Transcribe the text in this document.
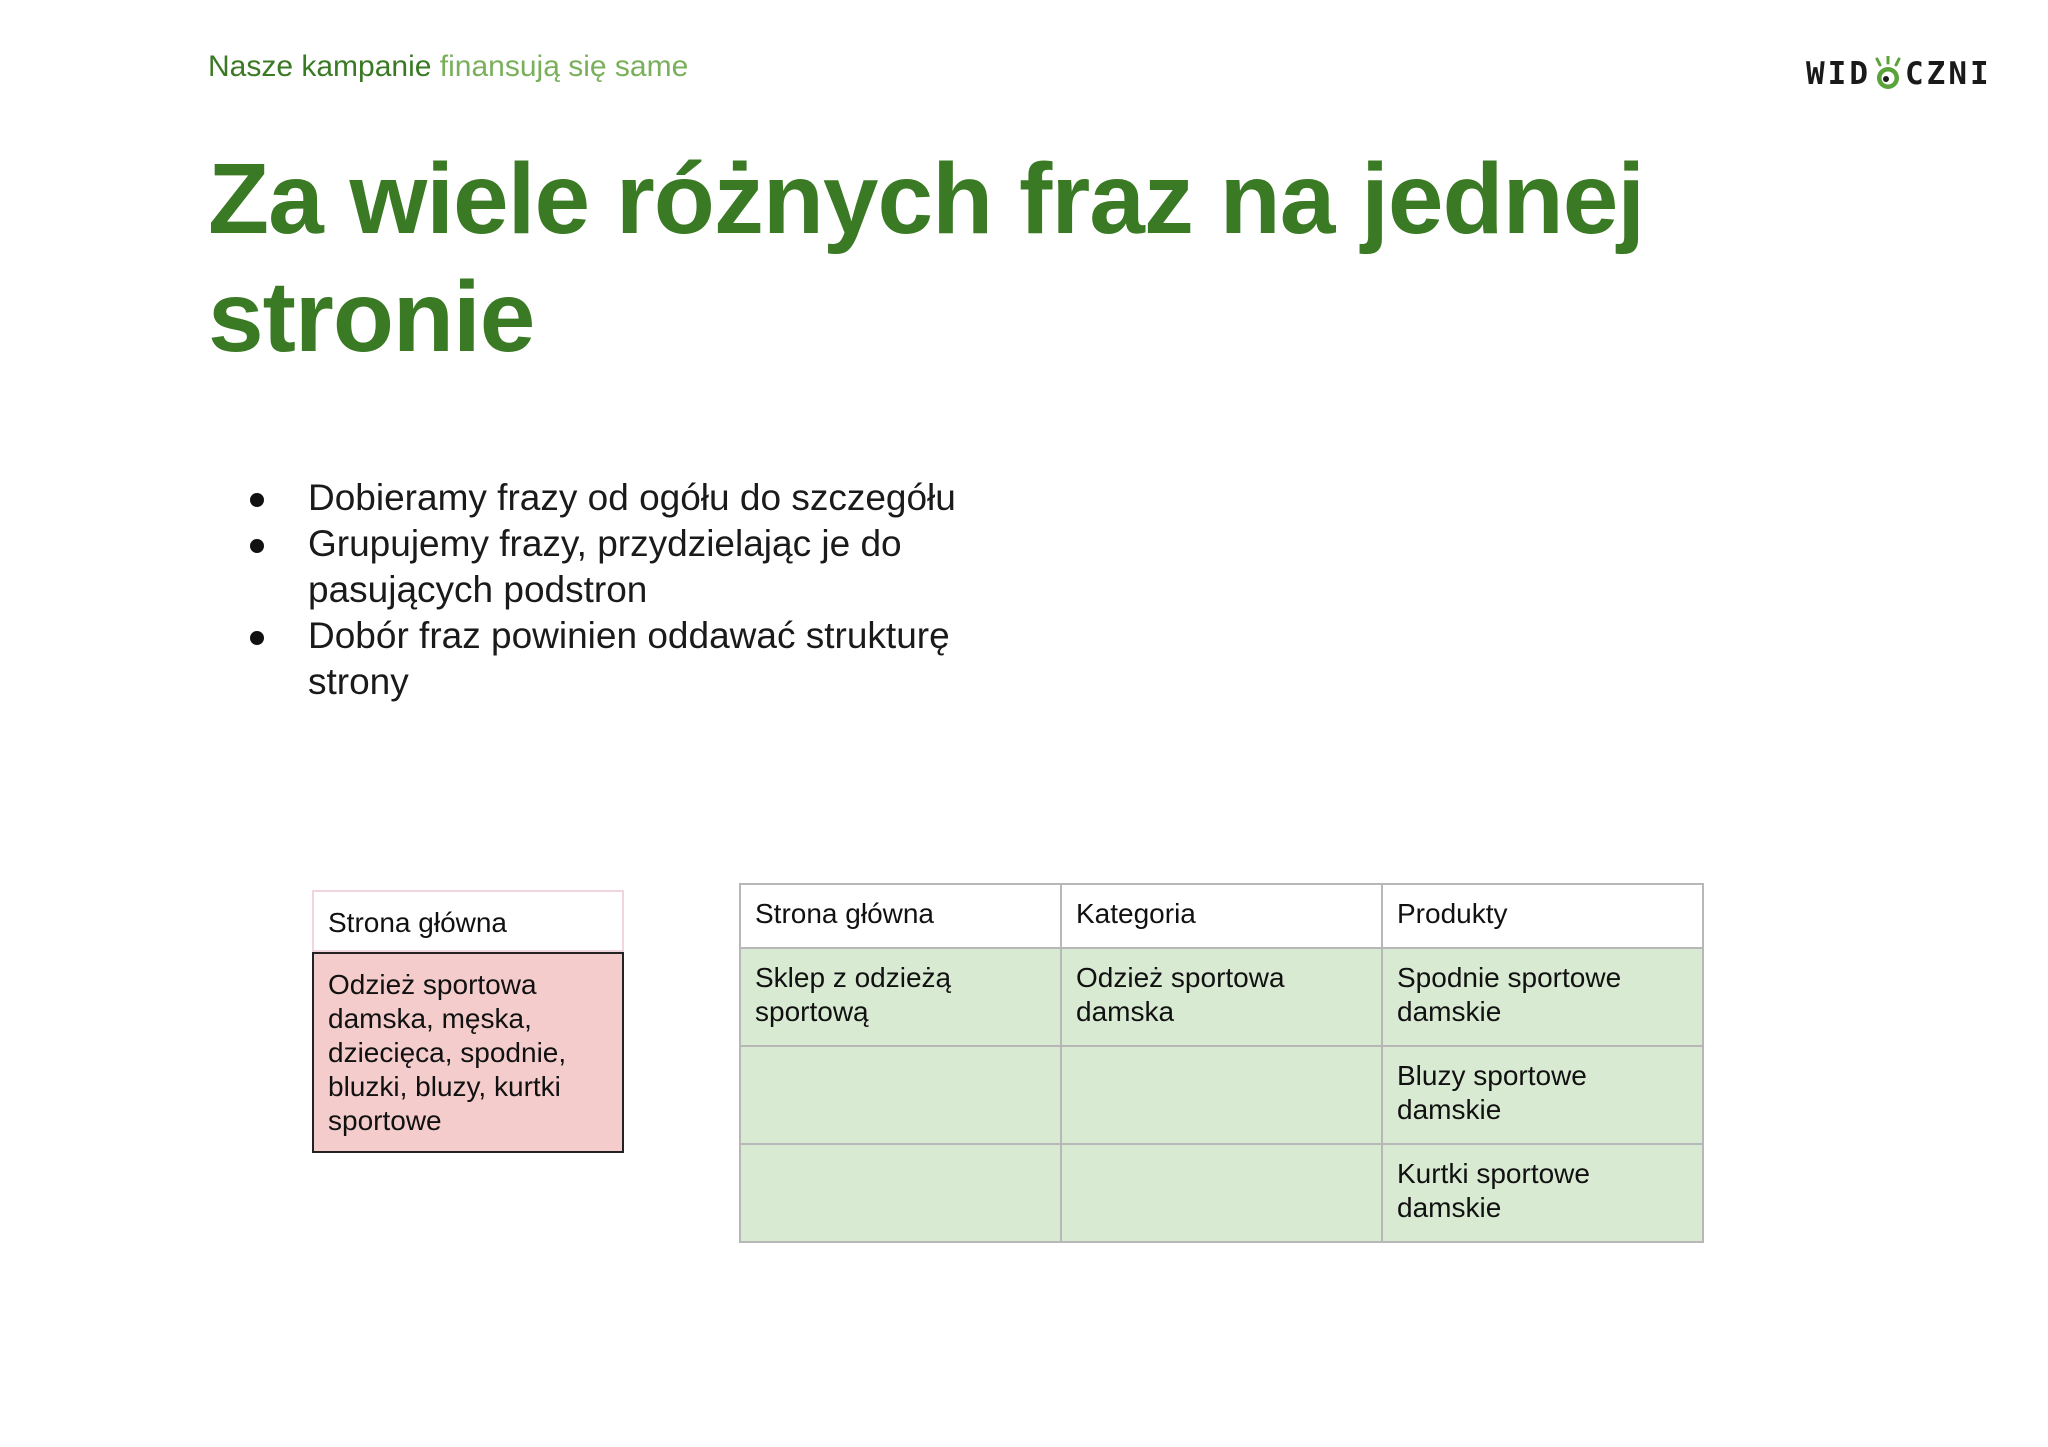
Nasze kampanie finansują się same	WID CZNI
Za wiele różnych fraz na jednej stronie
Dobieramy frazy od ogółu do szczegółu
Grupujemy frazy, przydzielając je do pasujących podstron
Dobór fraz powinien oddawać strukturę strony
Strona główna
Odzież sportowa damska, męska, dziecięca, spodnie, bluzki, bluzy, kurtki sportowe
Strona główna	Kategoria	Produkty
Sklep z odzieżą sportową	Odzież sportowa damska	Spodnie sportowe damskie
		Bluzy sportowe damskie
		Kurtki sportowe damskie
